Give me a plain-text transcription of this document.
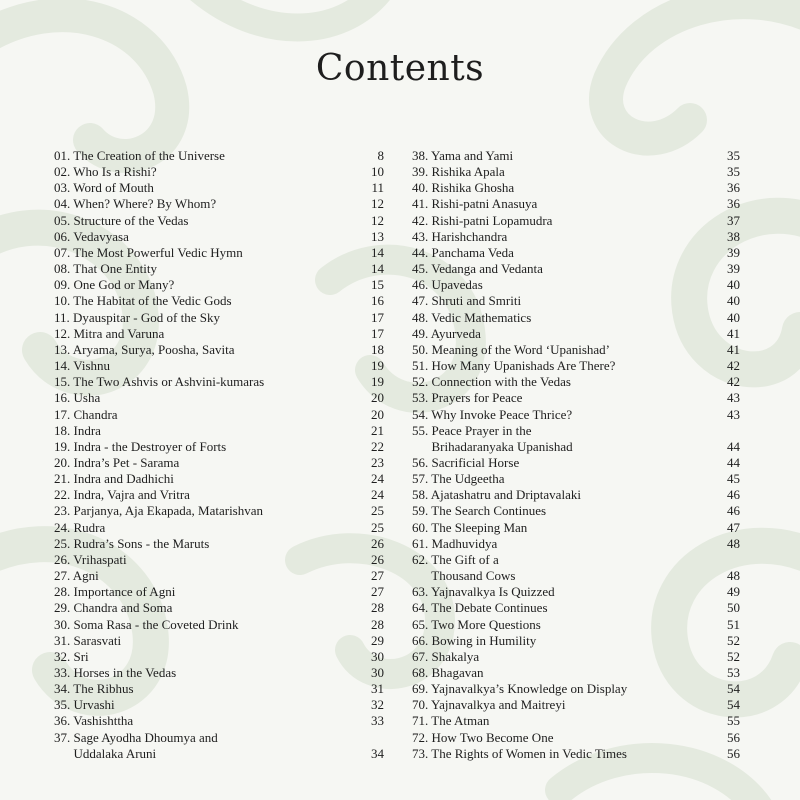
Contents
01. The Creation of the Universe	8
02. Who Is a Rishi?	10
03. Word of Mouth	11
04. When? Where? By Whom?	12
05. Structure of the Vedas	12
06. Vedavyasa	13
07. The Most Powerful Vedic Hymn	14
08. That One Entity	14
09. One God or Many?	15
10. The Habitat of the Vedic Gods	16
11. Dyauspitar - God of the Sky	17
12. Mitra and Varuna	17
13. Aryama, Surya, Poosha, Savita	18
14. Vishnu	19
15. The Two Ashvis or Ashvini-kumaras	19
16. Usha	20
17. Chandra	20
18. Indra	21
19. Indra - the Destroyer of Forts	22
20. Indra’s Pet - Sarama	23
21. Indra and Dadhichi	24
22. Indra, Vajra and Vritra	24
23. Parjanya, Aja Ekapada, Matarishvan	25
24. Rudra	25
25. Rudra’s Sons - the Maruts	26
26. Vrihaspati	26
27. Agni	27
28. Importance of Agni	27
29. Chandra and Soma	28
30. Soma Rasa - the Coveted Drink	28
31. Sarasvati	29
32. Sri	30
33. Horses in the Vedas	30
34. The Ribhus	31
35. Urvashi	32
36. Vashishttha	33
37. Sage Ayodha Dhoumya and
Uddalaka Aruni	34
38. Yama and Yami	35
39. Rishika Apala	35
40. Rishika Ghosha	36
41. Rishi-patni Anasuya	36
42. Rishi-patni Lopamudra	37
43. Harishchandra	38
44. Panchama Veda	39
45. Vedanga and Vedanta	39
46. Upavedas	40
47. Shruti and Smriti	40
48. Vedic Mathematics	40
49. Ayurveda	41
50. Meaning of the Word ‘Upanishad’	41
51. How Many Upanishads Are There?	42
52. Connection with the Vedas	42
53. Prayers for Peace	43
54. Why Invoke Peace Thrice?	43
55. Peace Prayer in the
Brihadaranyaka Upanishad	44
56. Sacrificial Horse	44
57. The Udgeetha	45
58. Ajatashatru and Driptavalaki	46
59. The Search Continues	46
60. The Sleeping Man	47
61. Madhuvidya	48
62. The Gift of a
Thousand Cows	48
63. Yajnavalkya Is Quizzed	49
64. The Debate Continues	50
65. Two More Questions	51
66. Bowing in Humility	52
67. Shakalya	52
68. Bhagavan	53
69. Yajnavalkya’s Knowledge on Display	54
70. Yajnavalkya and Maitreyi	54
71. The Atman	55
72. How Two Become One	56
73. The Rights of Women in Vedic Times	56
